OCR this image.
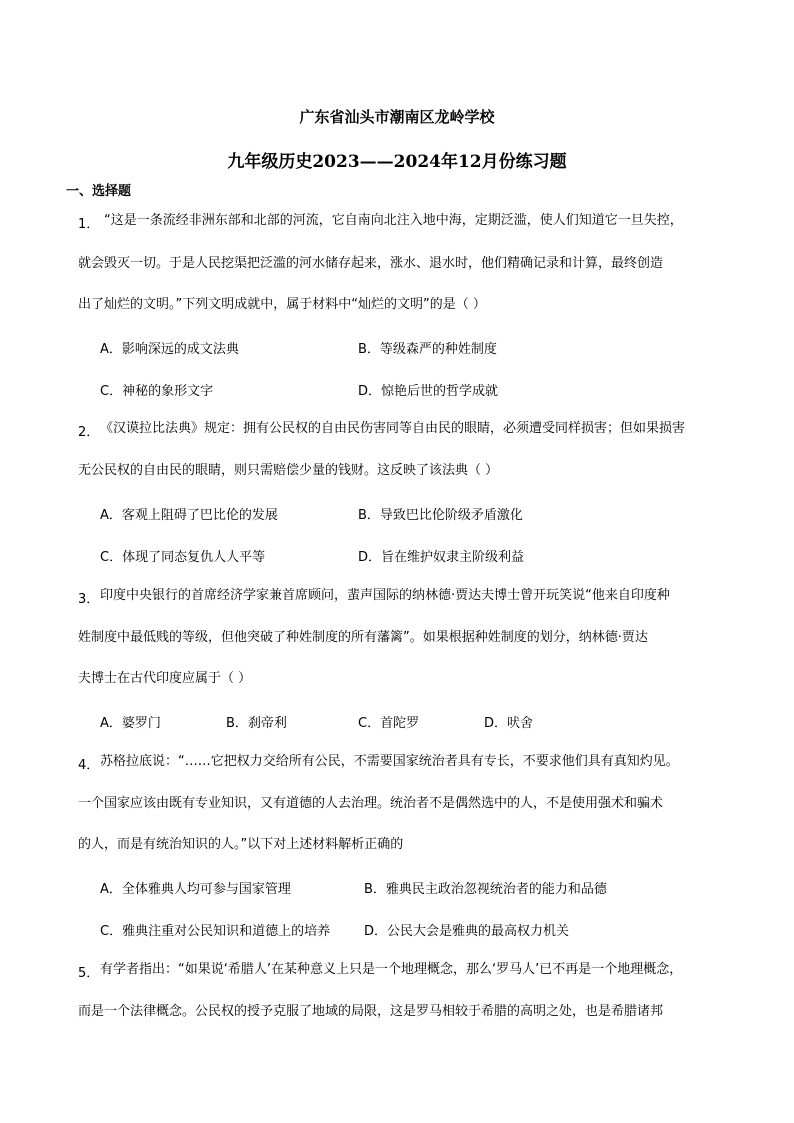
广东省汕头市潮南区龙岭学校
九年级历史2023——2024年12月份练习题
一、选择题
1． “这是一条流经非洲东部和北部的河流，它自南向北注入地中海，定期泛滥，使人们知道它一旦失控，
就会毁灭一切。于是人民挖渠把泛滥的河水储存起来，涨水、退水时，他们精确记录和计算，最终创造
出了灿烂的文明。”下列文明成就中，属于材料中“灿烂的文明”的是（ ）
A．影响深远的成文法典	B．等级森严的种姓制度
C．神秘的象形文字	D．惊艳后世的哲学成就
2． 《汉谟拉比法典》规定：拥有公民权的自由民伤害同等自由民的眼睛，必须遭受同样损害；但如果损害
无公民权的自由民的眼睛，则只需赔偿少量的钱财。这反映了该法典（ ）
A．客观上阻碍了巴比伦的发展	B．导致巴比伦阶级矛盾激化
C．体现了同态复仇人人平等	D．旨在维护奴隶主阶级利益
3． 印度中央银行的首席经济学家兼首席顾问，蜚声国际的纳林德·贾达夫博士曾开玩笑说“他来自印度种
姓制度中最低贱的等级，但他突破了种姓制度的所有藩篱”。如果根据种姓制度的划分，纳林德·贾达
夫博士在古代印度应属于（ ）
A．婆罗门	B．刹帝利	C．首陀罗	D．吠舍
4． 苏格拉底说：“……它把权力交给所有公民，不需要国家统治者具有专长，不要求他们具有真知灼见。
一个国家应该由既有专业知识，又有道德的人去治理。统治者不是偶然选中的人，不是使用强术和骗术
的人，而是有统治知识的人。”以下对上述材料解析正确的
A．全体雅典人均可参与国家管理	B．雅典民主政治忽视统治者的能力和品德
C．雅典注重对公民知识和道德上的培养	D．公民大会是雅典的最高权力机关
5． 有学者指出：“如果说‘希腊人’在某种意义上只是一个地理概念，那么‘罗马人’已不再是一个地理概念，
而是一个法律概念。公民权的授予克服了地域的局限，这是罗马相较于希腊的高明之处，也是希腊诸邦
